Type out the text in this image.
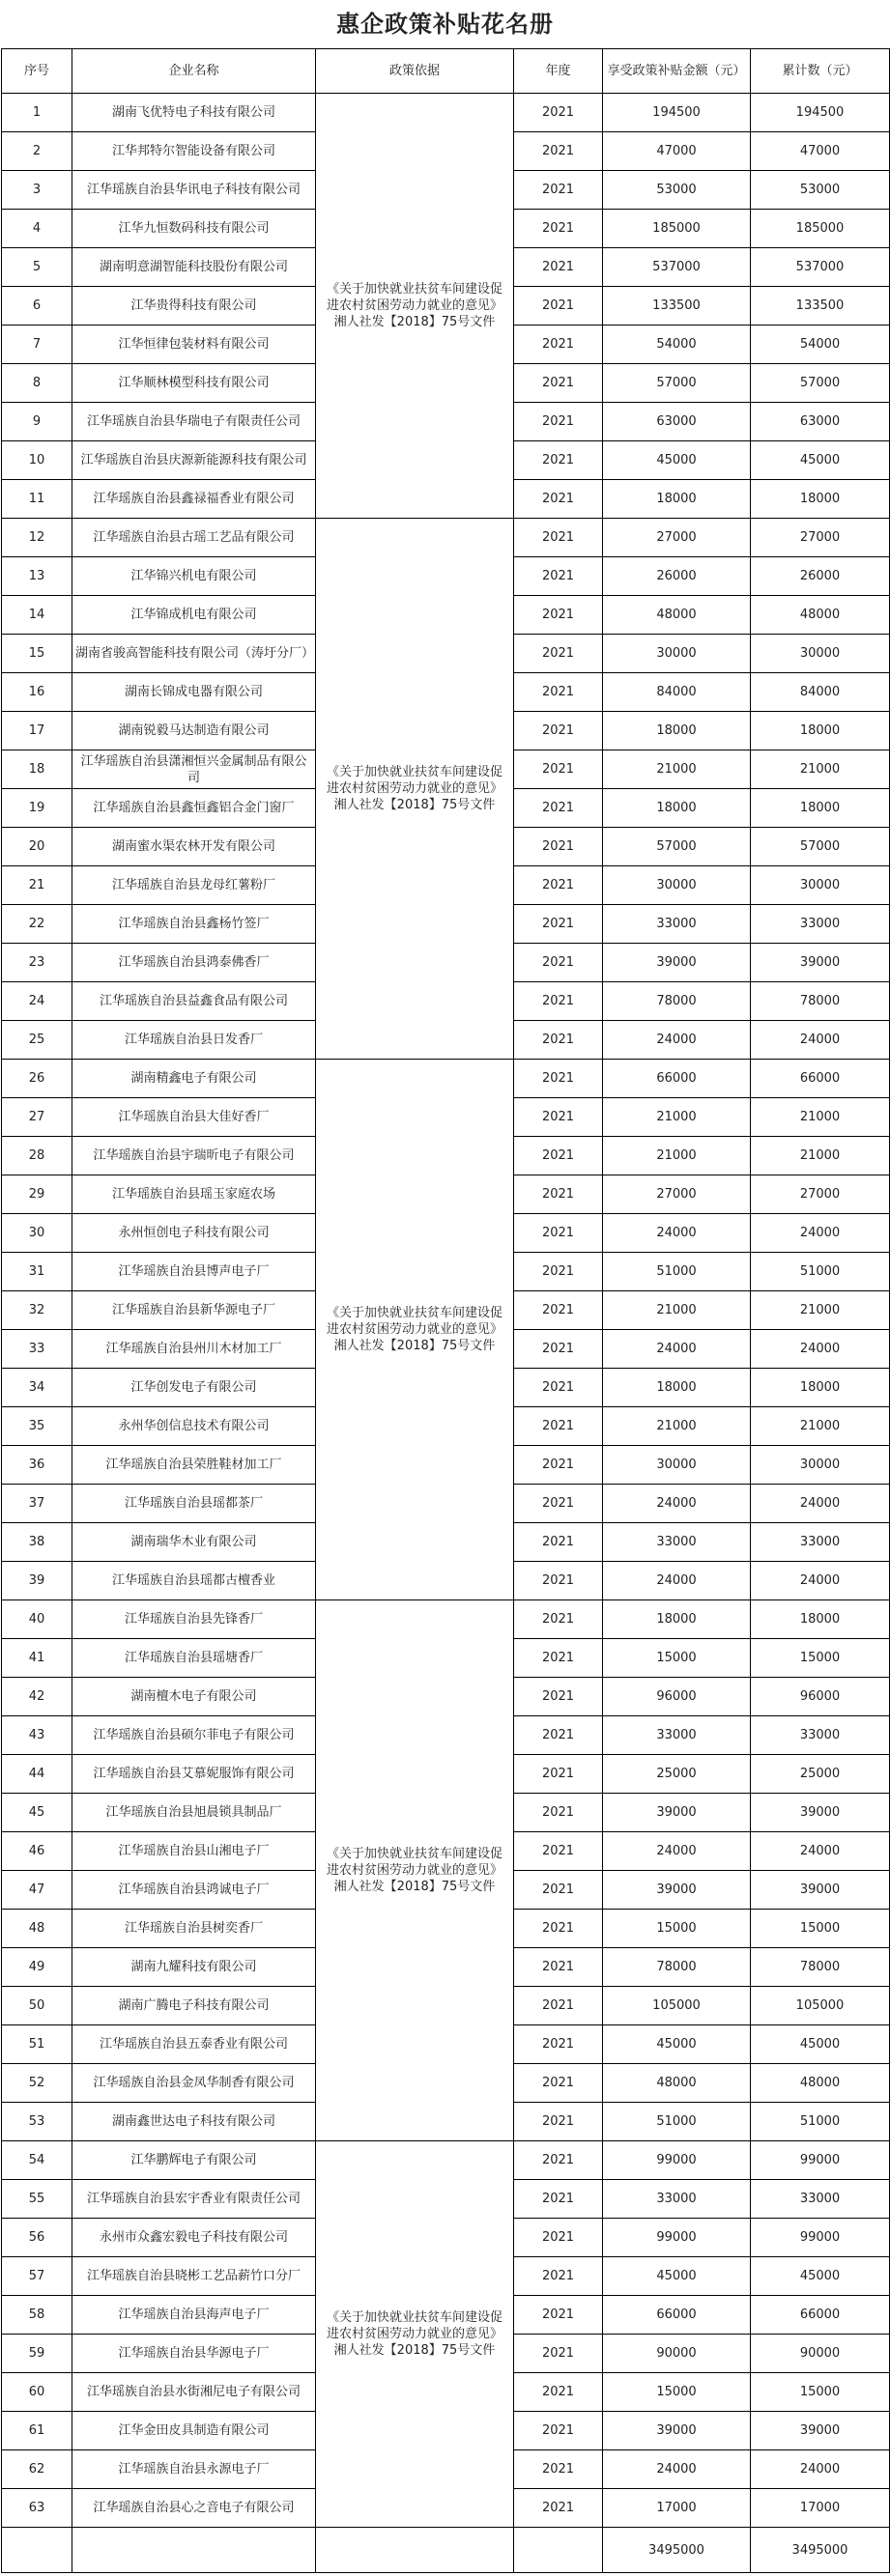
惠企政策补贴花名册
序号	企业名称	政策依据	年度	享受政策补贴金额（元）	累计数（元）
1	湖南飞优特电子科技有限公司	《关于加快就业扶贫车间建设促进农村贫困劳动力就业的意见》湘人社发【2018】75号文件	2021	194500	194500
2	江华邦特尔智能设备有限公司		2021	47000	47000
3	江华瑶族自治县华讯电子科技有限公司		2021	53000	53000
4	江华九恒数码科技有限公司		2021	185000	185000
5	湖南明意湖智能科技股份有限公司		2021	537000	537000
6	江华贵得科技有限公司		2021	133500	133500
7	江华恒律包装材料有限公司		2021	54000	54000
8	江华顺林模型科技有限公司		2021	57000	57000
9	江华瑶族自治县华瑞电子有限责任公司		2021	63000	63000
10	江华瑶族自治县庆源新能源科技有限公司		2021	45000	45000
11	江华瑶族自治县鑫禄福香业有限公司		2021	18000	18000
12	江华瑶族自治县古瑶工艺品有限公司	《关于加快就业扶贫车间建设促进农村贫困劳动力就业的意见》湘人社发【2018】75号文件	2021	27000	27000
13	江华锦兴机电有限公司		2021	26000	26000
14	江华锦成机电有限公司		2021	48000	48000
15	湖南省骏高智能科技有限公司（涛圩分厂）		2021	30000	30000
16	湖南长锦成电器有限公司		2021	84000	84000
17	湖南锐毅马达制造有限公司		2021	18000	18000
18	江华瑶族自治县潇湘恒兴金属制品有限公司		2021	21000	21000
19	江华瑶族自治县鑫恒鑫铝合金门窗厂		2021	18000	18000
20	湖南蜜水渠农林开发有限公司		2021	57000	57000
21	江华瑶族自治县龙母红薯粉厂		2021	30000	30000
22	江华瑶族自治县鑫杨竹签厂		2021	33000	33000
23	江华瑶族自治县鸿泰佛香厂		2021	39000	39000
24	江华瑶族自治县益鑫食品有限公司		2021	78000	78000
25	江华瑶族自治县日发香厂		2021	24000	24000
26	湖南精鑫电子有限公司	《关于加快就业扶贫车间建设促进农村贫困劳动力就业的意见》湘人社发【2018】75号文件	2021	66000	66000
27	江华瑶族自治县大佳好香厂		2021	21000	21000
28	江华瑶族自治县宇瑞昕电子有限公司		2021	21000	21000
29	江华瑶族自治县瑶玉家庭农场		2021	27000	27000
30	永州恒创电子科技有限公司		2021	24000	24000
31	江华瑶族自治县博声电子厂		2021	51000	51000
32	江华瑶族自治县新华源电子厂		2021	21000	21000
33	江华瑶族自治县州川木材加工厂		2021	24000	24000
34	江华创发电子有限公司		2021	18000	18000
35	永州华创信息技术有限公司		2021	21000	21000
36	江华瑶族自治县荣胜鞋材加工厂		2021	30000	30000
37	江华瑶族自治县瑶都茶厂		2021	24000	24000
38	湖南瑞华木业有限公司		2021	33000	33000
39	江华瑶族自治县瑶都古檀香业		2021	24000	24000
40	江华瑶族自治县先锋香厂	《关于加快就业扶贫车间建设促进农村贫困劳动力就业的意见》湘人社发【2018】75号文件	2021	18000	18000
41	江华瑶族自治县瑶塘香厂		2021	15000	15000
42	湖南檀木电子有限公司		2021	96000	96000
43	江华瑶族自治县硕尔菲电子有限公司		2021	33000	33000
44	江华瑶族自治县艾慕妮服饰有限公司		2021	25000	25000
45	江华瑶族自治县旭晨锁具制品厂		2021	39000	39000
46	江华瑶族自治县山湘电子厂		2021	24000	24000
47	江华瑶族自治县鸿诚电子厂		2021	39000	39000
48	江华瑶族自治县树奕香厂		2021	15000	15000
49	湖南九耀科技有限公司		2021	78000	78000
50	湖南广腾电子科技有限公司		2021	105000	105000
51	江华瑶族自治县五泰香业有限公司		2021	45000	45000
52	江华瑶族自治县金凤华制香有限公司		2021	48000	48000
53	湖南鑫世达电子科技有限公司		2021	51000	51000
54	江华鹏辉电子有限公司	《关于加快就业扶贫车间建设促进农村贫困劳动力就业的意见》湘人社发【2018】75号文件	2021	99000	99000
55	江华瑶族自治县宏宇香业有限责任公司		2021	33000	33000
56	永州市众鑫宏毅电子科技有限公司		2021	99000	99000
57	江华瑶族自治县晓彬工艺品薪竹口分厂		2021	45000	45000
58	江华瑶族自治县海声电子厂		2021	66000	66000
59	江华瑶族自治县华源电子厂		2021	90000	90000
60	江华瑶族自治县水街湘尼电子有限公司		2021	15000	15000
61	江华金田皮具制造有限公司		2021	39000	39000
62	江华瑶族自治县永源电子厂		2021	24000	24000
63	江华瑶族自治县心之音电子有限公司		2021	17000	17000
				3495000	3495000
